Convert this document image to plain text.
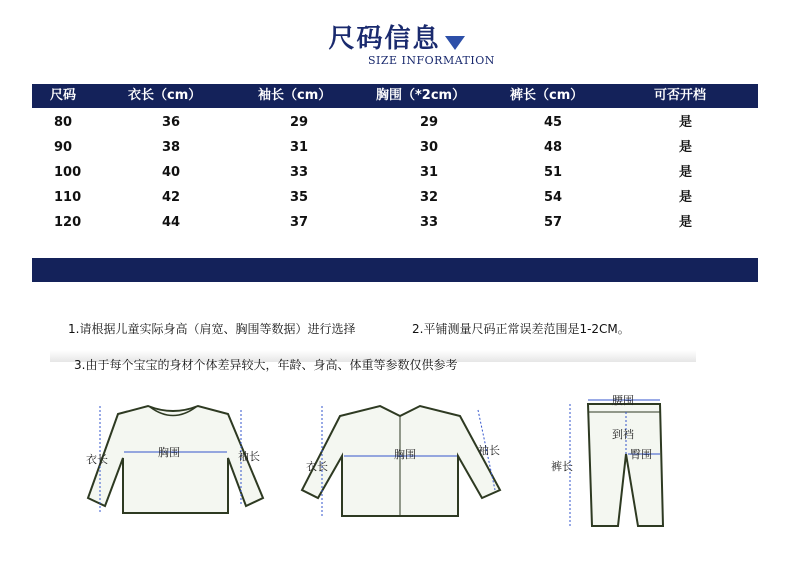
尺码信息
SIZE INFORMATION
尺码	衣长（cm）	袖长（cm）	胸围（*2cm）	裤长（cm）	可否开档
80	36	29	29	45	是
90	38	31	30	48	是
100	40	33	31	51	是
110	42	35	32	54	是
120	44	37	33	57	是
1.请根据儿童实际身高（肩宽、胸围等数据）进行选择	2.平铺测量尺码正常误差范围是1-2CM。
3.由于每个宝宝的身材个体差异较大，年龄、身高、体重等参数仅供参考
衣长
胸围	袖长
衣长
胸围	袖长
腰围
到裆
臀围
裤长
